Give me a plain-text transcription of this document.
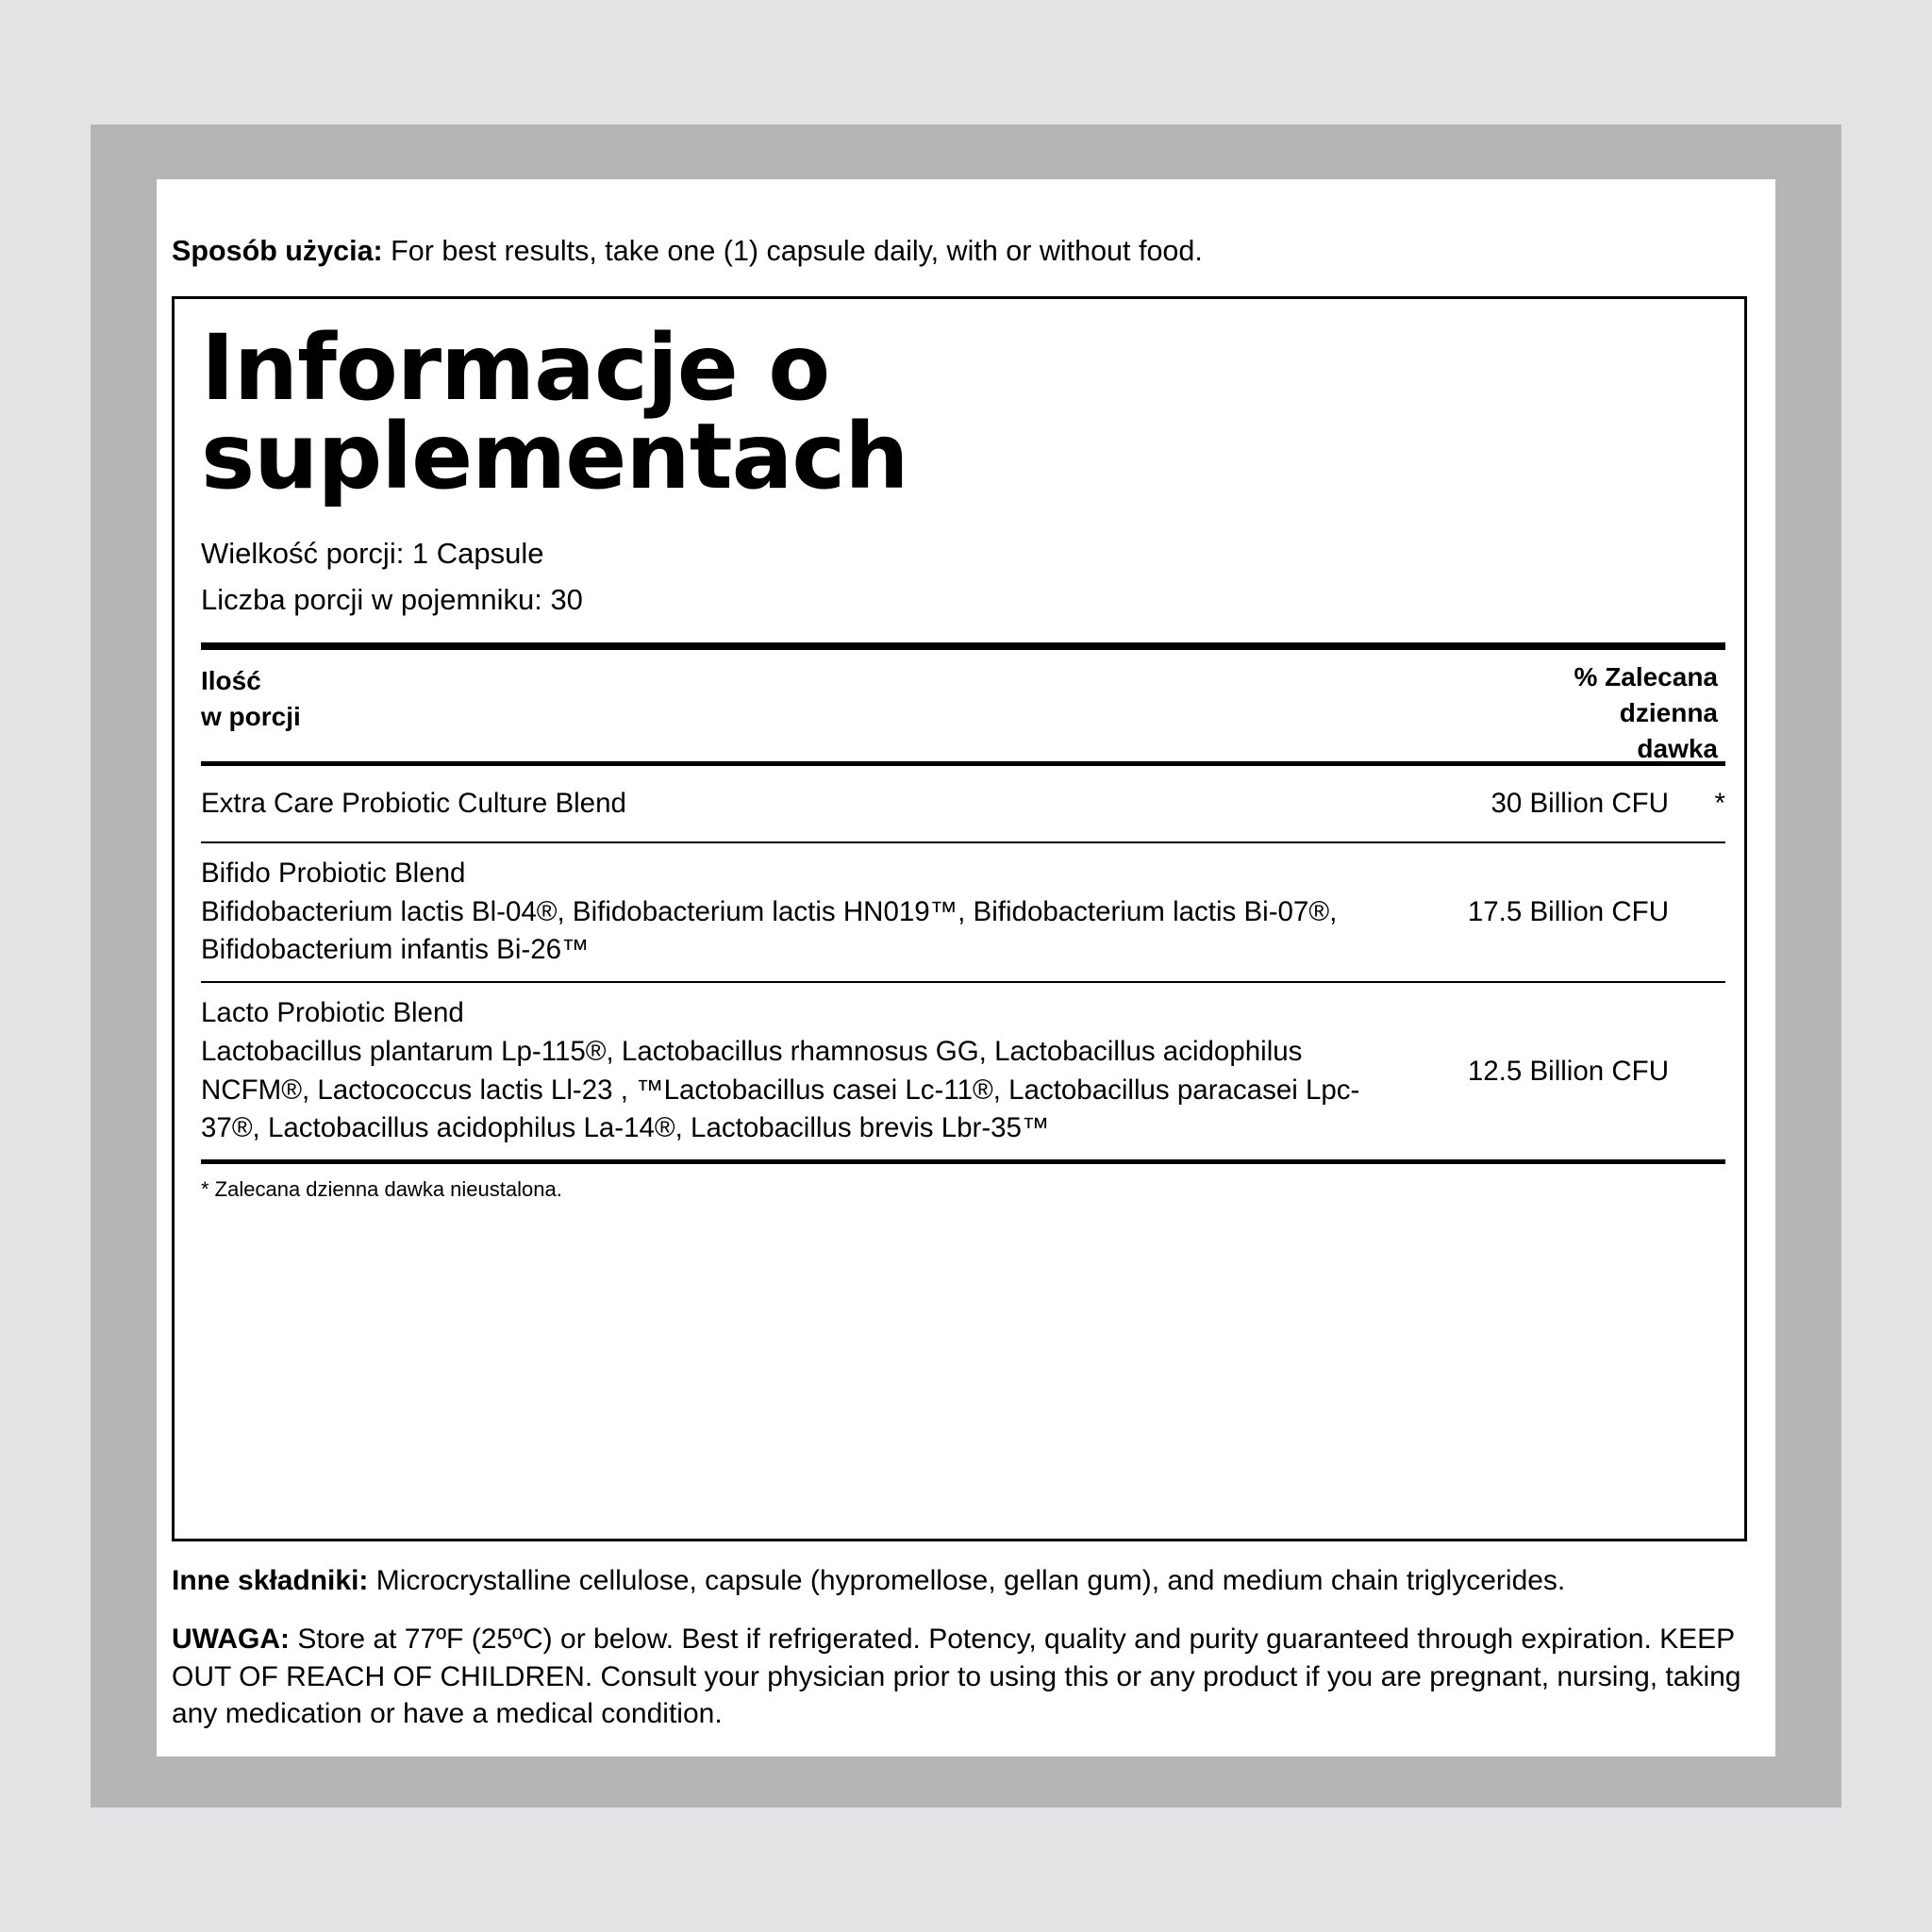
Sposób użycia: For best results, take one (1) capsule daily, with or without food.
Informacje o suplementach
Wielkość porcji: 1 Capsule
Liczba porcji w pojemniku: 30
Ilość
w porcji
% Zalecana
dzienna
dawka
Extra Care Probiotic Culture Blend	30 Billion CFU	*
Bifido Probiotic Blend
Bifidobacterium lactis Bl-04®, Bifidobacterium lactis HN019™, Bifidobacterium lactis Bi-07®, Bifidobacterium infantis Bi-26™
17.5 Billion CFU
Lacto Probiotic Blend
Lactobacillus plantarum Lp-115®, Lactobacillus rhamnosus GG, Lactobacillus acidophilus NCFM®, Lactococcus lactis Ll-23 , ™Lactobacillus casei Lc-11®, Lactobacillus paracasei Lpc-37®, Lactobacillus acidophilus La-14®, Lactobacillus brevis Lbr-35™
12.5 Billion CFU
* Zalecana dzienna dawka nieustalona.
Inne składniki: Microcrystalline cellulose, capsule (hypromellose, gellan gum), and medium chain triglycerides.
UWAGA: Store at 77ºF (25ºC) or below. Best if refrigerated. Potency, quality and purity guaranteed through expiration. KEEP OUT OF REACH OF CHILDREN. Consult your physician prior to using this or any product if you are pregnant, nursing, taking any medication or have a medical condition.
